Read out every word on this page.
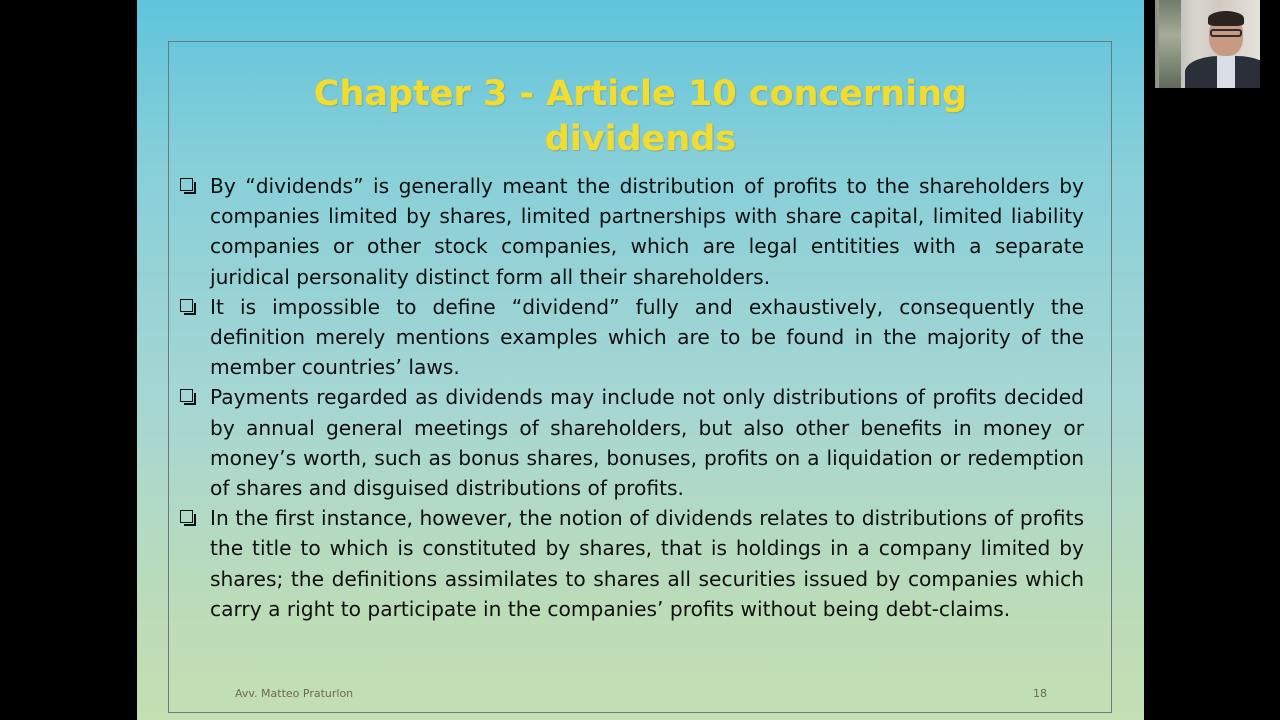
Chapter 3 - Article 10 concerning
dividends
By “dividends” is generally meant the distribution of profits to the shareholders by companies limited by shares, limited partnerships with share capital, limited liability companies or other stock companies, which are legal entitities with a separate juridical personality distinct form all their shareholders.
It is impossible to define “dividend” fully and exhaustively, consequently the definition merely mentions examples which are to be found in the majority of the member countries’ laws.
Payments regarded as dividends may include not only distributions of profits decided by annual general meetings of shareholders, but also other benefits in money or money’s worth, such as bonus shares, bonuses, profits on a liquidation or redemption of shares and disguised distributions of profits.
In the first instance, however, the notion of dividends relates to distributions of profits the title to which is constituted by shares, that is holdings in a company limited by shares; the definitions assimilates to shares all securities issued by companies which carry a right to participate in the companies’ profits without being debt-claims.
Avv. Matteo Praturlon	18
